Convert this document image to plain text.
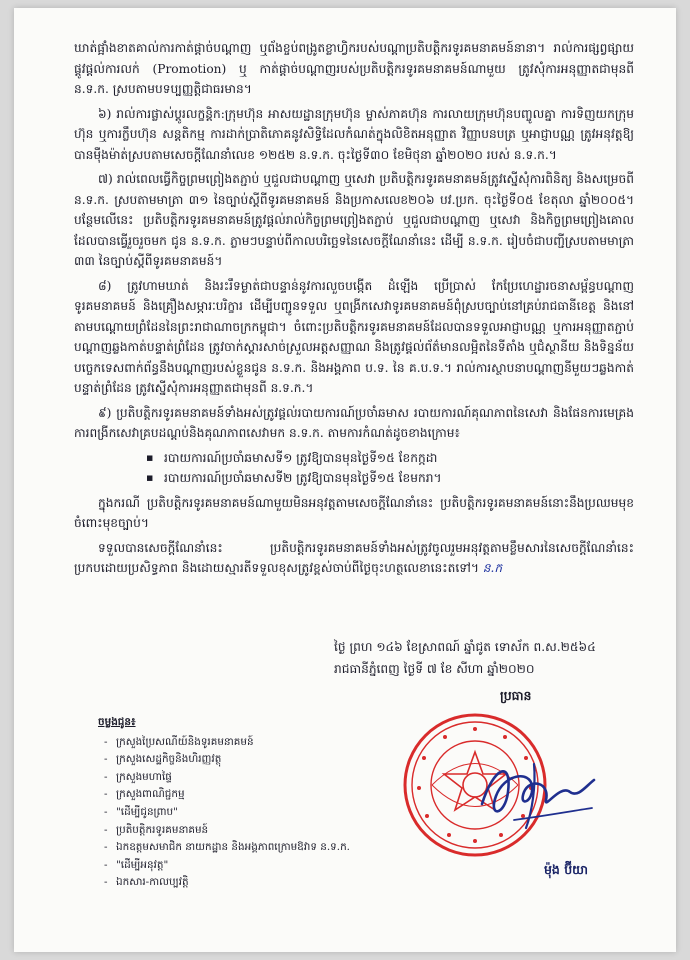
ឃាត់ផ្អាំងខាតគាល់ការកាត់ផ្ដាច់បណ្តាញ ឬព័ងខ្ចប់ពង្រូតខ្លាហ្វិករបស់បណ្តាប្រតិបត្តិករទូរគមនាគមន៍នានា។ រាល់ការផ្សព្វផ្សាយផ្ដូវផ្ដល់ការលក់ (Promotion) ឬ កាត់ផ្ដាច់បណ្ដាញរបស់ប្រតិបត្តិករទូរគមនាគមន៍ណាមួយ ត្រូវសុំការអនុញ្ញាតជាមុនពី ន.ទ.ក. ស្របតាមបទប្បញ្ញត្តិជាធរមាន។

៦) រាល់ការផ្លាស់ប្ដូរលក្ខន្តិក:ក្រុមហ៊ុន អាសយដ្ឋានក្រុមហ៊ុន ម្ចាស់ភាគហ៊ុន ការលាយក្រុមហ៊ុនបញ្ចូលគ្នា ការទិញយកក្រុមហ៊ុន ឬការក្លឹបហ៊ុន សន្តតិកម្ម ការដាក់ប្រាតិភោគនូវសិទ្ធិដែលកំណត់ក្នុងលិខិតអនុញ្ញាត វិញ្ញាបនបត្រ ឬអាជ្ញាបណ្ណ ត្រូវអនុវត្តឱ្យបានម៉ឺងម៉ាត់ស្របតាមសេចក្តីណែនាំលេខ ១២៥២ ន.ទ.ក. ចុះថ្ងៃទី៣០ ខែមិថុនា ឆ្នាំ២០២០ របស់ ន.ទ.ក.។

៧) រាល់ពេលធ្វើកិច្ចព្រមព្រៀងតភ្ជាប់ ឬជួលជាបណ្តាញ ឬសេវា ប្រតិបត្តិករទូរគមនាគមន៍ត្រូវស្នើសុំការពិនិត្យ និងសម្រេចពី ន.ទ.ក. ស្របតាមមាត្រា ៣១ នៃច្បាប់ស្តីពីទូរគមនាគមន៍ និងប្រកាសលេខ២០៦ បវ.ប្រក. ចុះថ្ងៃទី០៥ ខែតុលា ឆ្នាំ២០០៥។ បន្ថែមលើនេះ ប្រតិបត្តិករទូរគមនាគមន៍ត្រូវផ្ដល់រាល់កិច្ចព្រមព្រៀងតភ្ជាប់ ឬជួលជាបណ្តាញ ឬសេវា និងកិច្ចព្រមព្រៀងគោល ដែលបានធ្វើរួចរួចមក ជូន ន.ទ.ក. ភ្លាមៗបន្ទាប់ពីកាលបរិច្ឆេទនៃសេចក្តីណែនាំនេះ ដើម្បី ន.ទ.ក. រៀបចំជាបញ្ជីស្របតាមមាត្រា ៣៣ នៃច្បាប់ស្តីពីទូរគមនាគមន៍។

៨) ត្រូវហាមឃាត់ និងរះរឹទម្ងាត់ជាបន្ទាន់នូវការលួចបង្កើត ដំឡើង ប្រើប្រាស់ កែប្រែហេដ្ឋារចនាសម្ព័ន្ធបណ្តាញទូរគមនាគមន៍ និងគ្រឿងសម្ភារៈបរិក្ខារ ដើម្បីបញ្ជូនទទួល ឬពង្រីកសេវាទូរគមនាគមន៍ពុំស្របច្បាប់នៅគ្រប់រាជធានីខេត្ត និងនៅតាមបណ្ដោយព្រំដែននៃព្រះរាជាណាចក្រកម្ពុជា។ ចំពោះប្រតិបត្តិករទូរគមនាគមន៍ដែលបានទទួលអាជ្ញាបណ្ណ ឬការអនុញ្ញាតភ្ជាប់បណ្តាញឆ្លងកាត់បន្ទាត់ព្រំដែន ត្រូវចាក់ស្ដារសាច់ស្រួលអត្តសញ្ញាណ និងត្រូវផ្ដល់ព័ត៌មានលម្អិតនៃទីតាំង ឬជំស្ថានីយ និងទិន្នន័យបច្ចេកទេសពាក់ព័ន្ធនឹងបណ្តាញរបស់ខ្លួនជូន ន.ទ.ក. និងអង្គភាព ប.ទ. នៃ គ.ប.ទ.។ រាល់ការស្ថាបនាបណ្តាញនីមួយៗឆ្លងកាត់បន្ទាត់ព្រំដែន ត្រូវស្នើសុំការអនុញ្ញាតជាមុនពី ន.ទ.ក.។

៩) ប្រតិបត្តិករទូរគមនាគមន៍ទាំងអស់ត្រូវផ្តល់របាយការណ៍ប្រចាំឆមាស របាយការណ៍គុណភាពនៃសេវា និងផែនការមេគ្រងការពង្រីកសេវាគ្របដណ្តប់និងគុណភាពសេវាមក ន.ទ.ក. តាមការកំណត់ដូចខាងក្រោម៖

▪ របាយការណ៍ប្រចាំឆមាសទី១ ត្រូវឱ្យបានមុនថ្ងៃទី១៥ ខែកក្កដា
▪ របាយការណ៍ប្រចាំឆមាសទី២ ត្រូវឱ្យបានមុនថ្ងៃទី១៥ ខែមករា។

ក្នុងករណី ប្រតិបត្តិករទូរគមនាគមន៍ណាមួយមិនអនុវត្តតាមសេចក្តីណែនាំនេះ ប្រតិបត្តិករទូរគមនាគមន៍នោះនឹងប្រឈមមុខចំពោះមុខច្បាប់។

ទទួលបានសេចក្តីណែនាំនេះ ប្រតិបត្តិករទូរគមនាគមន៍ទាំងអស់ត្រូវចូលរួមអនុវត្តតាមខ្លឹមសារនៃសេចក្តីណែនាំនេះប្រកបដោយប្រសិទ្ធភាព និងដោយស្មារតីទទួលខុសត្រូវខ្ពស់ចាប់ពីថ្ងៃចុះហត្ថលេខានេះតទៅ។ ន.ក

ថ្ងៃ ព្រហ ១៤៦ ខែស្រាពណ៍ ឆ្នាំជូត ទោស័ក ព.ស.២៥៦៤
រាជធានីភ្នំពេញ ថ្ងៃទី ៧ ខែ សីហា ឆ្នាំ២០២០
ប្រធាន
ម៉ុង ប៊ីយា
ចម្លងជូន៖
- ក្រសួងប្រៃសណីយ៍និងទូរគមនាគមន៍
- ក្រសួងសេដ្ឋកិច្ចនិងហិរញ្ញវត្ថុ
- ក្រសួងមហាផ្ទៃ
- ក្រសួងពាណិជ្ជកម្ម
- "ដើម្បីជូនព្រាប"
- ប្រតិបត្តិករទូរគមនាគមន៍
- ឯកឧត្តមសមាជិក នាយកដ្ឋាន និងអង្គភាពក្រោមឱវាទ ន.ទ.ក.
- "ដើម្បីអនុវត្ត"
- ឯកសារ-កាលប្បវត្តិ
